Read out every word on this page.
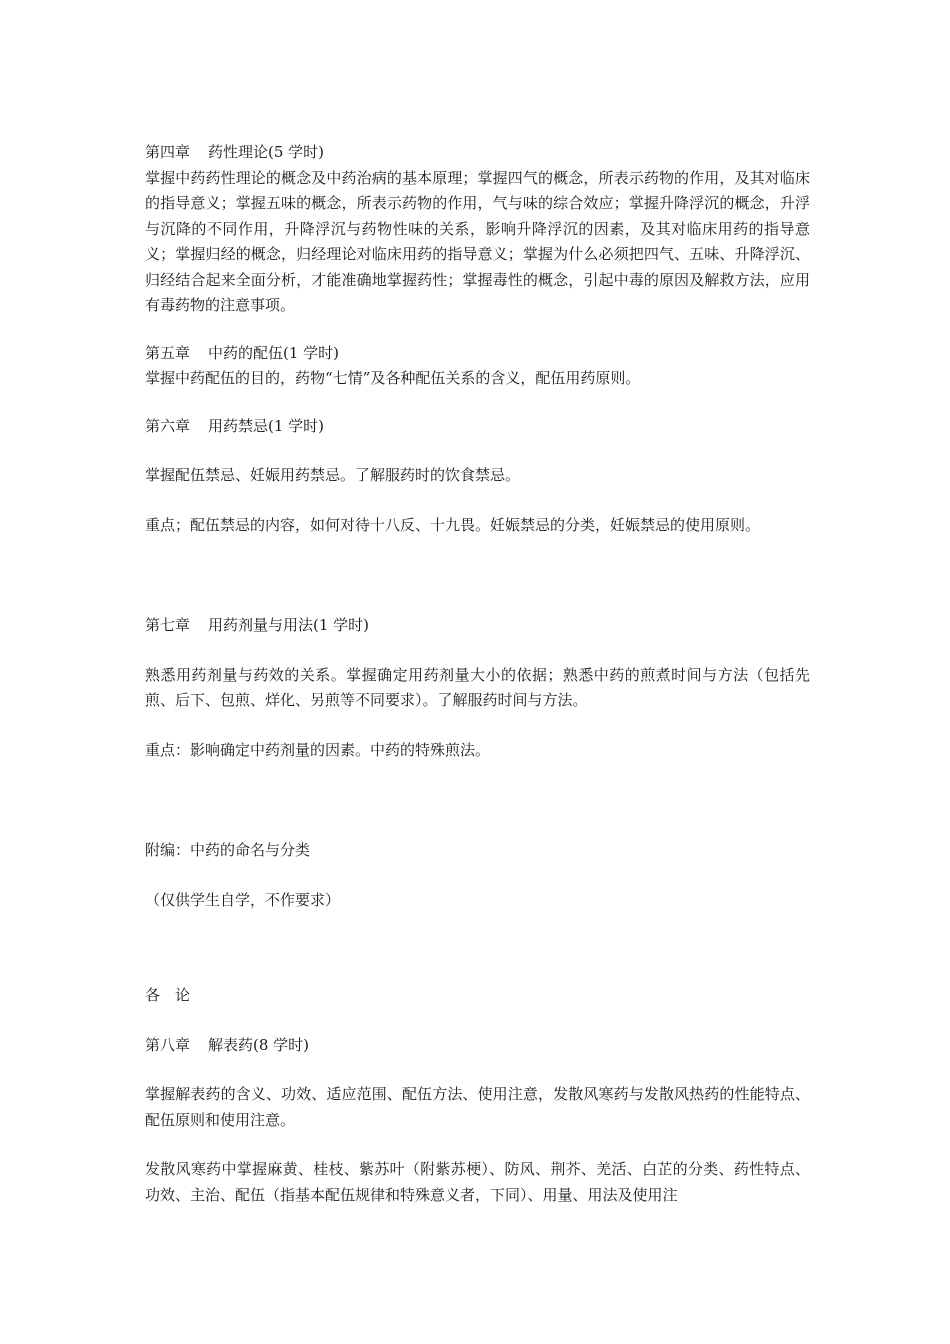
第四章 药性理论(5 学时)

掌握中药药性理论的概念及中药治病的基本原理；掌握四气的概念，所表示药物的作用，及其对临床的指导意义；掌握五味的概念，所表示药物的作用，气与味的综合效应；掌握升降浮沉的概念，升浮与沉降的不同作用，升降浮沉与药物性味的关系，影响升降浮沉的因素，及其对临床用药的指导意义；掌握归经的概念，归经理论对临床用药的指导意义；掌握为什么必须把四气、五味、升降浮沉、归经结合起来全面分析，才能准确地掌握药性；掌握毒性的概念，引起中毒的原因及解救方法，应用有毒药物的注意事项。

第五章 中药的配伍(1 学时)

掌握中药配伍的目的，药物“七情”及各种配伍关系的含义，配伍用药原则。

第六章 用药禁忌(1 学时)

掌握配伍禁忌、妊娠用药禁忌。了解服药时的饮食禁忌。

重点；配伍禁忌的内容，如何对待十八反、十九畏。妊娠禁忌的分类，妊娠禁忌的使用原则。

第七章 用药剂量与用法(1 学时)

熟悉用药剂量与药效的关系。掌握确定用药剂量大小的依据；熟悉中药的煎煮时间与方法（包括先煎、后下、包煎、烊化、另煎等不同要求）。了解服药时间与方法。

重点：影响确定中药剂量的因素。中药的特殊煎法。

附编：中药的命名与分类

（仅供学生自学，不作要求）

各　论

第八章 解表药(8 学时)

掌握解表药的含义、功效、适应范围、配伍方法、使用注意，发散风寒药与发散风热药的性能特点、配伍原则和使用注意。

发散风寒药中掌握麻黄、桂枝、紫苏叶（附紫苏梗）、防风、荆芥、羌活、白芷的分类、药性特点、功效、主治、配伍（指基本配伍规律和特殊意义者，下同）、用量、用法及使用注
